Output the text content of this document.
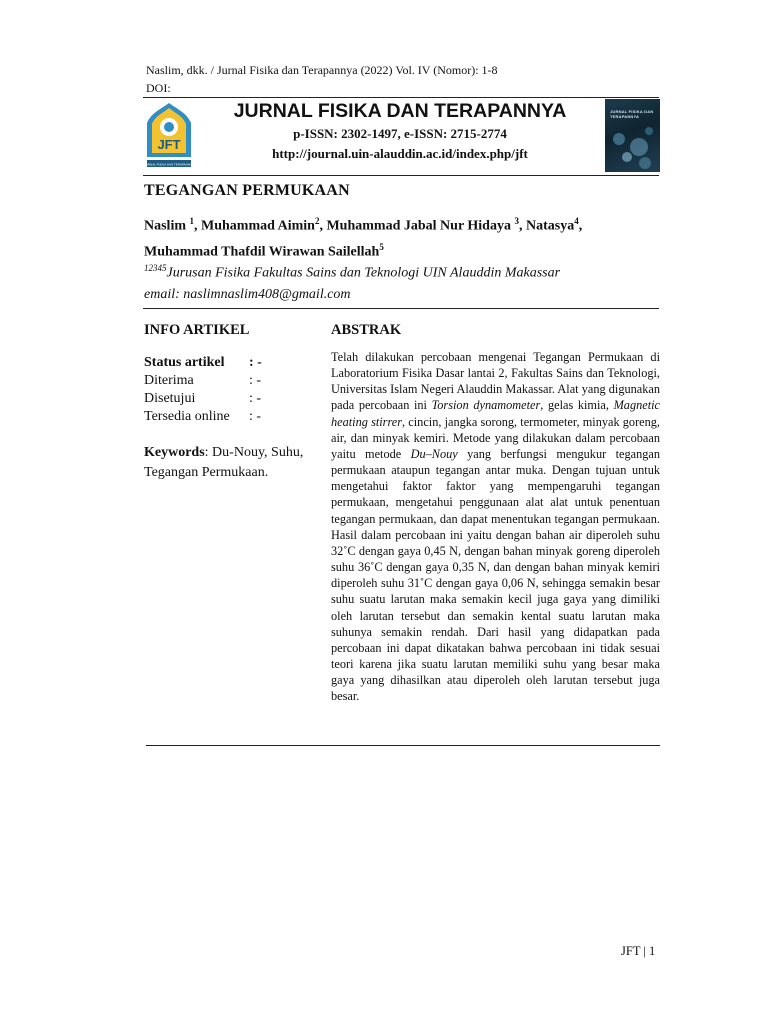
Naslim, dkk. / Jurnal Fisika dan Terapannya (2022) Vol. IV (Nomor): 1-8
DOI:
JFT
JURNAL FISIKA DAN TERAPANNYA
JURNAL FISIKA DAN TERAPANNYA
p-ISSN: 2302-1497, e-ISSN: 2715-2774
http://journal.uin-alauddin.ac.id/index.php/jft
JURNAL FISIKA DAN TERAPANNYA
TEGANGAN PERMUKAAN
Naslim $^1$, Muhammad Aimin$^2$, Muhammad Jabal Nur Hidaya $^3$, Natasya$^4$,
Muhammad Thafdil Wirawan Sailellah$^5$
$^{12345}$Jurusan Fisika Fakultas Sains dan Teknologi UIN Alauddin Makassar
email: naslimnaslim408@gmail.com
INFO ARTIKEL	ABSTRAK
Status artikel	: -
Diterima	: -
Disetujui	: -
Tersedia online	: -
Keywords: Du-Nouy, Suhu, Tegangan Permukaan.
Telah dilakukan percobaan mengenai Tegangan Permukaan di Laboratorium Fisika Dasar lantai 2, Fakultas Sains dan Teknologi, Universitas Islam Negeri Alauddin Makassar. Alat yang digunakan pada percobaan ini Torsion dynamometer, gelas kimia, Magnetic heating stirrer, cincin, jangka sorong, termometer, minyak goreng, air, dan minyak kemiri. Metode yang dilakukan dalam percobaan yaitu metode Du–Nouy yang berfungsi mengukur tegangan permukaan ataupun tegangan antar muka. Dengan tujuan untuk mengetahui faktor faktor yang mempengaruhi tegangan permukaan, mengetahui penggunaan alat alat untuk penentuan tegangan permukaan, dan dapat menentukan tegangan permukaan. Hasil dalam percobaan ini yaitu dengan bahan air diperoleh suhu 32˚C dengan gaya 0,45 N, dengan bahan minyak goreng diperoleh suhu 36˚C dengan gaya 0,35 N, dan dengan bahan minyak kemiri diperoleh suhu 31˚C dengan gaya 0,06 N, sehingga semakin besar suhu suatu larutan maka semakin kecil juga gaya yang dimiliki oleh larutan tersebut dan semakin kental suatu larutan maka suhunya semakin rendah. Dari hasil yang didapatkan pada percobaan ini dapat dikatakan bahwa percobaan ini tidak sesuai teori karena jika suatu larutan memiliki suhu yang besar maka gaya yang dihasilkan atau diperoleh oleh larutan tersebut juga besar.
JFT | 1
